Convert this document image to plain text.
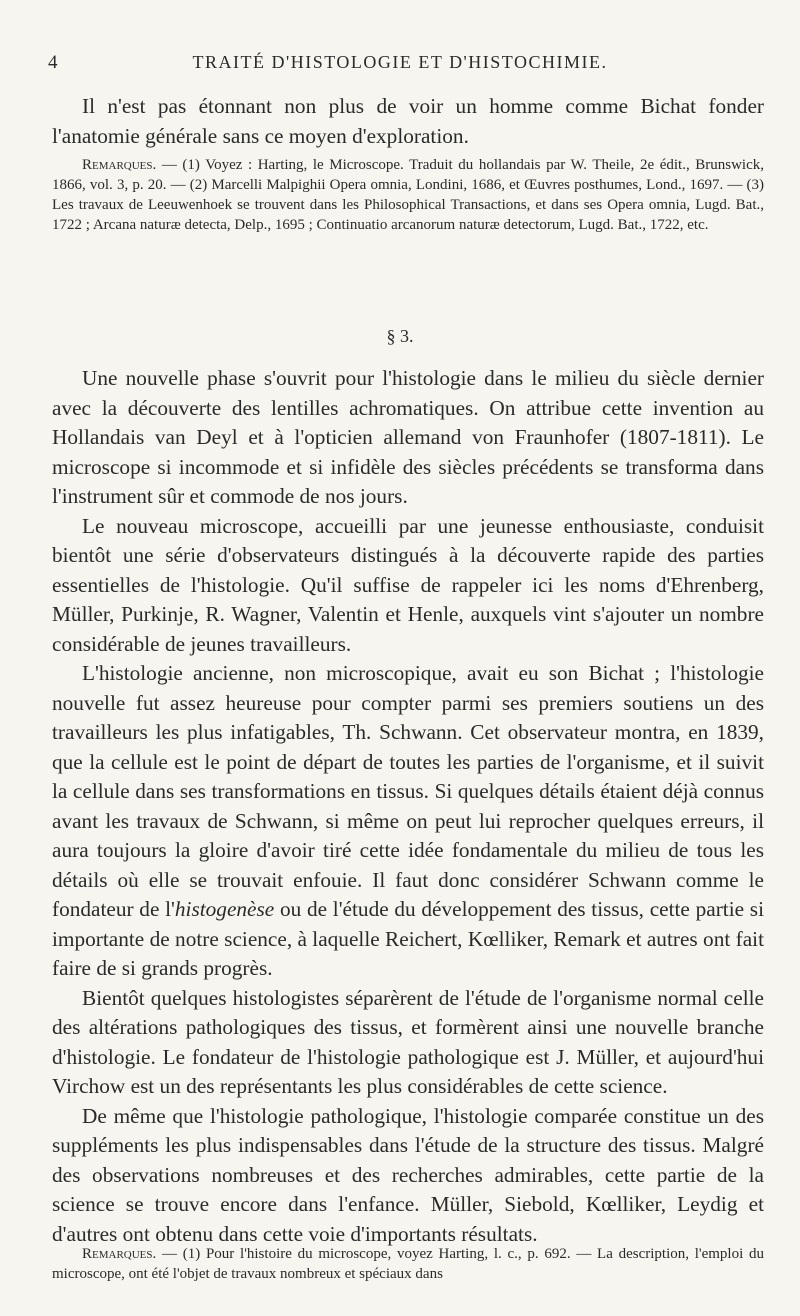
4	TRAITÉ D'HISTOLOGIE ET D'HISTOCHIMIE.

Il n'est pas étonnant non plus de voir un homme comme Bichat fonder l'anatomie générale sans ce moyen d'exploration.

Remarques. — (1) Voyez : Harting, le Microscope. Traduit du hollandais par W. Theile, 2e édit., Brunswick, 1866, vol. 3, p. 20. — (2) Marcelli Malpighii Opera omnia, Londini, 1686, et Œuvres posthumes, Lond., 1697. — (3) Les travaux de Leeuwenhoek se trouvent dans les Philosophical Transactions, et dans ses Opera omnia, Lugd. Bat., 1722 ; Arcana naturæ detecta, Delp., 1695 ; Continuatio arcanorum naturæ detectorum, Lugd. Bat., 1722, etc.

§ 3.

Une nouvelle phase s'ouvrit pour l'histologie dans le milieu du siècle dernier avec la découverte des lentilles achromatiques. On attribue cette invention au Hollandais van Deyl et à l'opticien allemand von Fraunhofer (1807-1811). Le microscope si incommode et si infidèle des siècles précédents se transforma dans l'instrument sûr et commode de nos jours.

Le nouveau microscope, accueilli par une jeunesse enthousiaste, conduisit bientôt une série d'observateurs distingués à la découverte rapide des parties essentielles de l'histologie. Qu'il suffise de rappeler ici les noms d'Ehrenberg, Müller, Purkinje, R. Wagner, Valentin et Henle, auxquels vint s'ajouter un nombre considérable de jeunes travailleurs.

L'histologie ancienne, non microscopique, avait eu son Bichat ; l'histologie nouvelle fut assez heureuse pour compter parmi ses premiers soutiens un des travailleurs les plus infatigables, Th. Schwann. Cet observateur montra, en 1839, que la cellule est le point de départ de toutes les parties de l'organisme, et il suivit la cellule dans ses transformations en tissus. Si quelques détails étaient déjà connus avant les travaux de Schwann, si même on peut lui reprocher quelques erreurs, il aura toujours la gloire d'avoir tiré cette idée fondamentale du milieu de tous les détails où elle se trouvait enfouie. Il faut donc considérer Schwann comme le fondateur de l'histogenèse ou de l'étude du développement des tissus, cette partie si importante de notre science, à laquelle Reichert, Kœlliker, Remark et autres ont fait faire de si grands progrès.

Bientôt quelques histologistes séparèrent de l'étude de l'organisme normal celle des altérations pathologiques des tissus, et formèrent ainsi une nouvelle branche d'histologie. Le fondateur de l'histologie pathologique est J. Müller, et aujourd'hui Virchow est un des représentants les plus considérables de cette science.

De même que l'histologie pathologique, l'histologie comparée constitue un des suppléments les plus indispensables dans l'étude de la structure des tissus. Malgré des observations nombreuses et des recherches admirables, cette partie de la science se trouve encore dans l'enfance. Müller, Siebold, Kœlliker, Leydig et d'autres ont obtenu dans cette voie d'importants résultats.

Remarques. — (1) Pour l'histoire du microscope, voyez Harting, l. c., p. 692. — La description, l'emploi du microscope, ont été l'objet de travaux nombreux et spéciaux dans
